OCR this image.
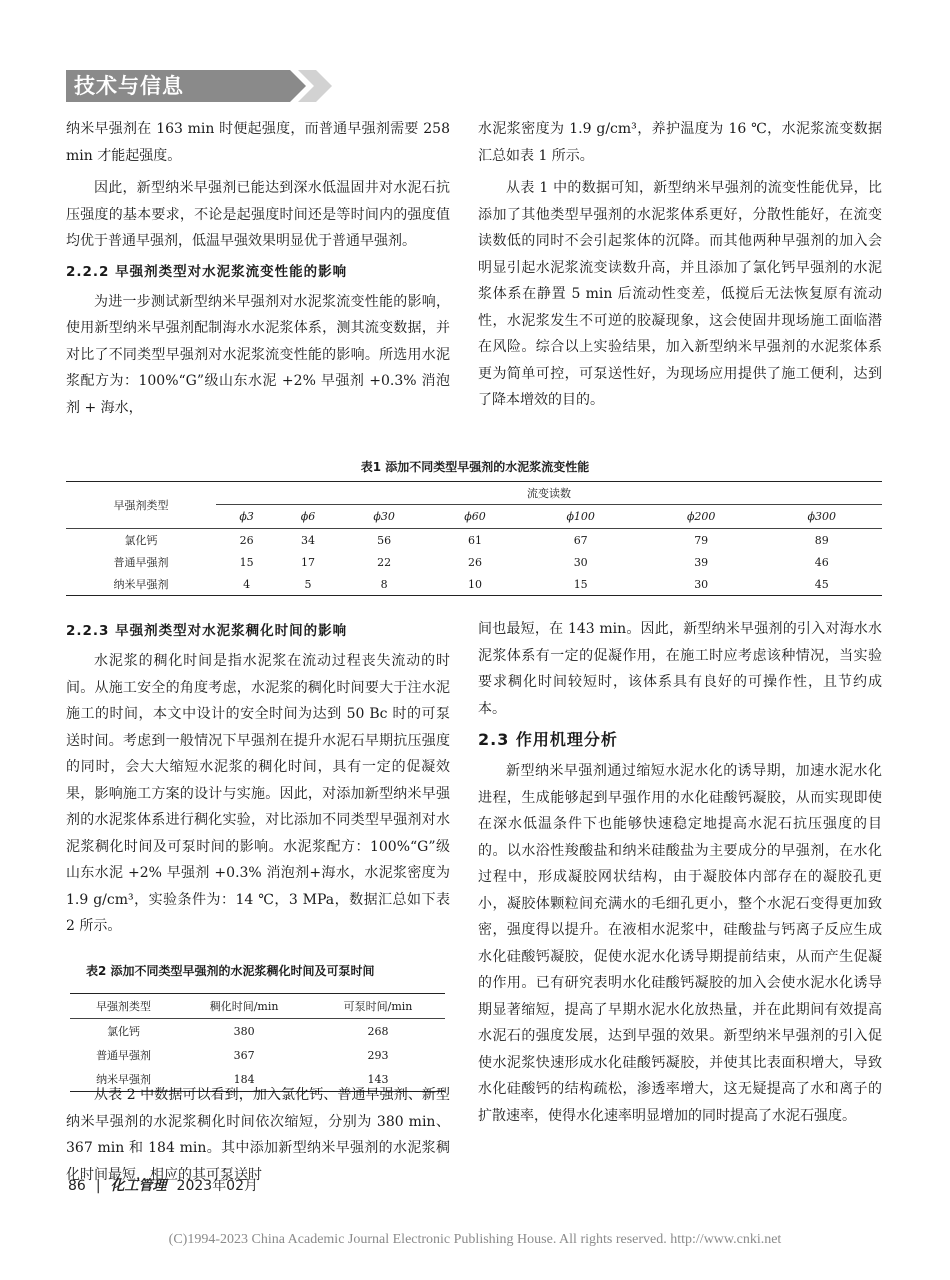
技术与信息

纳米早强剂在 163 min 时便起强度，而普通早强剂需要 258 min 才能起强度。

因此，新型纳米早强剂已能达到深水低温固井对水泥石抗压强度的基本要求，不论是起强度时间还是等时间内的强度值均优于普通早强剂，低温早强效果明显优于普通早强剂。

2.2.2 早强剂类型对水泥浆流变性能的影响

为进一步测试新型纳米早强剂对水泥浆流变性能的影响，使用新型纳米早强剂配制海水水泥浆体系，测其流变数据，并对比了不同类型早强剂对水泥浆流变性能的影响。所选用水泥浆配方为：100%“G”级山东水泥 +2% 早强剂 +0.3% 消泡剂 + 海水，

水泥浆密度为 1.9 g/cm³，养护温度为 16 ℃，水泥浆流变数据汇总如表 1 所示。

从表 1 中的数据可知，新型纳米早强剂的流变性能优异，比添加了其他类型早强剂的水泥浆体系更好，分散性能好，在流变读数低的同时不会引起浆体的沉降。而其他两种早强剂的加入会明显引起水泥浆流变读数升高，并且添加了氯化钙早强剂的水泥浆体系在静置 5 min 后流动性变差，低搅后无法恢复原有流动性，水泥浆发生不可逆的胶凝现象，这会使固井现场施工面临潜在风险。综合以上实验结果，加入新型纳米早强剂的水泥浆体系更为简单可控，可泵送性好，为现场应用提供了施工便利，达到了降本增效的目的。

表1 添加不同类型早强剂的水泥浆流变性能
早强剂类型	流变读数						
	ϕ3	ϕ6	ϕ30	ϕ60	ϕ100	ϕ200	ϕ300
氯化钙	26	34	56	61	67	79	89
普通早强剂	15	17	22	26	30	39	46
纳米早强剂	4	5	8	10	15	30	45
2.2.3 早强剂类型对水泥浆稠化时间的影响

水泥浆的稠化时间是指水泥浆在流动过程丧失流动的时间。从施工安全的角度考虑，水泥浆的稠化时间要大于注水泥施工的时间，本文中设计的安全时间为达到 50 Bc 时的可泵送时间。考虑到一般情况下早强剂在提升水泥石早期抗压强度的同时，会大大缩短水泥浆的稠化时间，具有一定的促凝效果，影响施工方案的设计与实施。因此，对添加新型纳米早强剂的水泥浆体系进行稠化实验，对比添加不同类型早强剂对水泥浆稠化时间及可泵时间的影响。水泥浆配方：100%“G”级山东水泥 +2% 早强剂 +0.3% 消泡剂+海水，水泥浆密度为 1.9 g/cm³，实验条件为：14 ℃，3 MPa，数据汇总如下表 2 所示。

表2 添加不同类型早强剂的水泥浆稠化时间及可泵时间
早强剂类型	稠化时间/min	可泵时间/min
氯化钙	380	268
普通早强剂	367	293
纳米早强剂	184	143

从表 2 中数据可以看到，加入氯化钙、普通早强剂、新型纳米早强剂的水泥浆稠化时间依次缩短，分别为 380 min、367 min 和 184 min。其中添加新型纳米早强剂的水泥浆稠化时间最短，相应的其可泵送时

间也最短，在 143 min。因此，新型纳米早强剂的引入对海水水泥浆体系有一定的促凝作用，在施工时应考虑该种情况，当实验要求稠化时间较短时，该体系具有良好的可操作性，且节约成本。

2.3 作用机理分析

新型纳米早强剂通过缩短水泥水化的诱导期，加速水泥水化进程，生成能够起到早强作用的水化硅酸钙凝胶，从而实现即使在深水低温条件下也能够快速稳定地提高水泥石抗压强度的目的。以水浴性羧酸盐和纳米硅酸盐为主要成分的早强剂，在水化过程中，形成凝胶网状结构，由于凝胶体内部存在的凝胶孔更小，凝胶体颗粒间充满水的毛细孔更小，整个水泥石变得更加致密，强度得以提升。在液相水泥浆中，硅酸盐与钙离子反应生成水化硅酸钙凝胶，促使水泥水化诱导期提前结束，从而产生促凝的作用。已有研究表明水化硅酸钙凝胶的加入会使水泥水化诱导期显著缩短，提高了早期水泥水化放热量，并在此期间有效提高水泥石的强度发展，达到早强的效果。新型纳米早强剂的引入促使水泥浆快速形成水化硅酸钙凝胶，并使其比表面积增大，导致水化硅酸钙的结构疏松，渗透率增大，这无疑提高了水和离子的扩散速率，使得水化速率明显增加的同时提高了水泥石强度。

86 | 化工管理 2023年02月
(C)1994-2023 China Academic Journal Electronic Publishing House. All rights reserved. http://www.cnki.net
